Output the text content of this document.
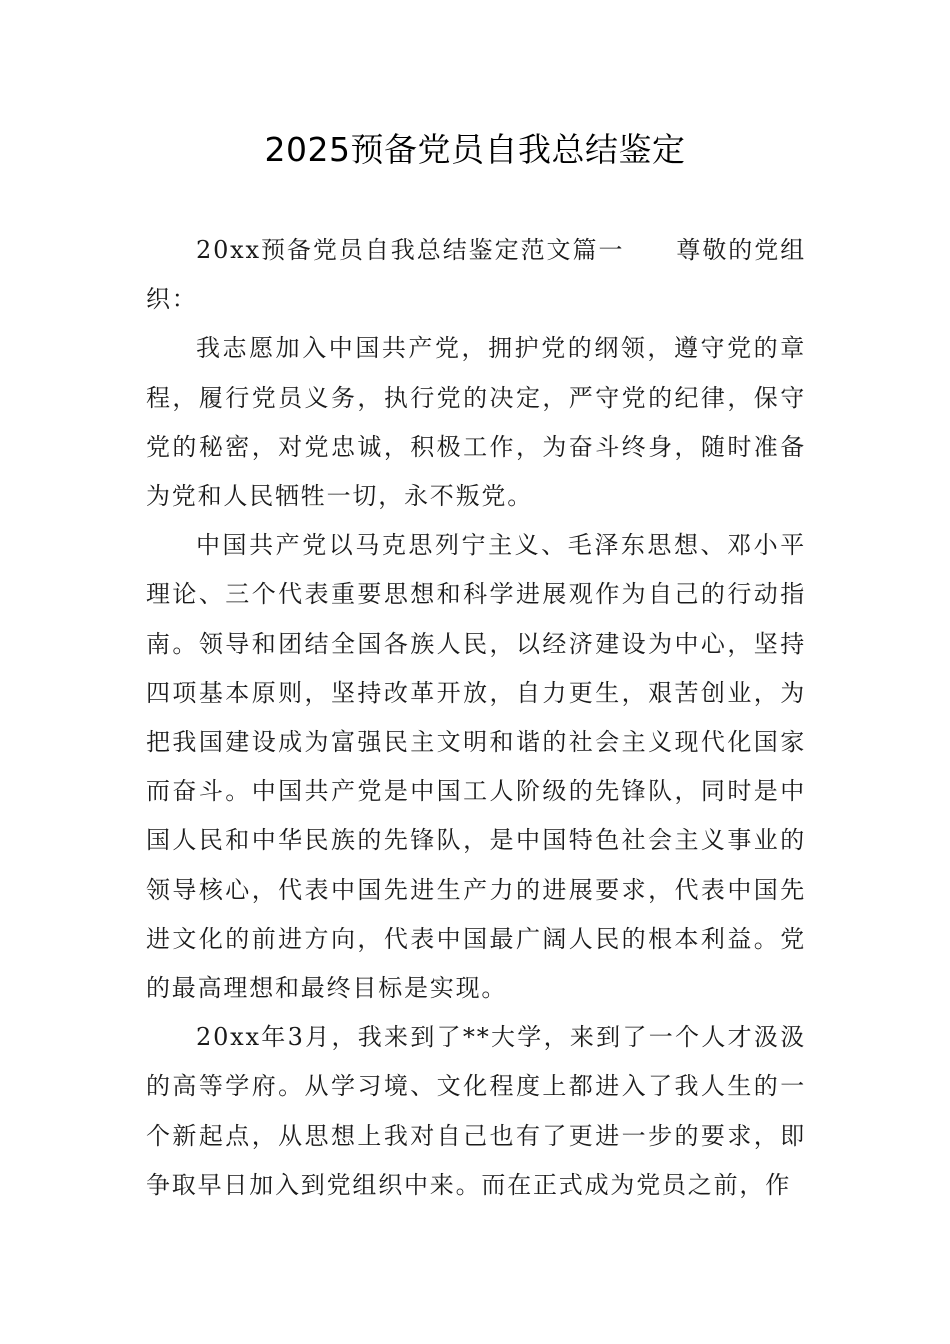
2025预备党员自我总结鉴定

20xx预备党员自我总结鉴定范文篇一　　尊敬的党组织：

我志愿加入中国共产党，拥护党的纲领，遵守党的章程，履行党员义务，执行党的决定，严守党的纪律，保守党的秘密，对党忠诚，积极工作，为奋斗终身，随时准备为党和人民牺牲一切，永不叛党。

中国共产党以马克思列宁主义、毛泽东思想、邓小平理论、三个代表重要思想和科学进展观作为自己的行动指南。领导和团结全国各族人民，以经济建设为中心，坚持四项基本原则，坚持改革开放，自力更生，艰苦创业，为把我国建设成为富强民主文明和谐的社会主义现代化国家而奋斗。中国共产党是中国工人阶级的先锋队，同时是中国人民和中华民族的先锋队，是中国特色社会主义事业的领导核心，代表中国先进生产力的进展要求，代表中国先进文化的前进方向，代表中国最广阔人民的根本利益。党的最高理想和最终目标是实现。

20xx年3月，我来到了**大学，来到了一个人才汲汲的高等学府。从学习境、文化程度上都进入了我人生的一个新起点，从思想上我对自己也有了更进一步的要求，即争取早日加入到党组织中来。而在正式成为党员之前，作
